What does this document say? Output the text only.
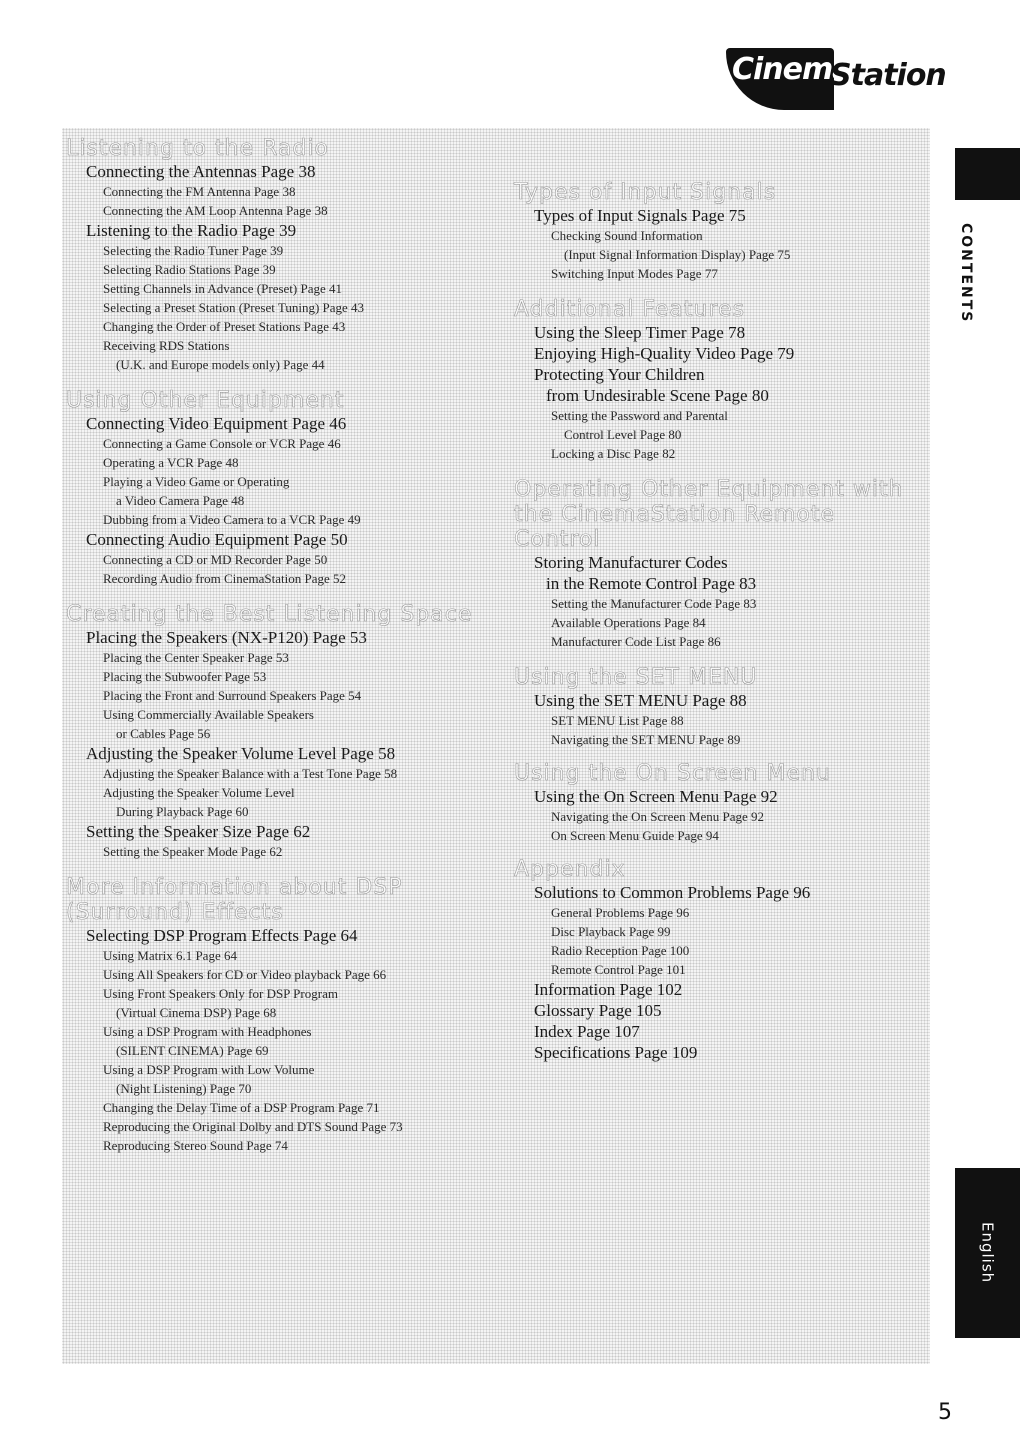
Cinema
Station
Listening to the Radio
Connecting the Antennas Page 38
Connecting the FM Antenna Page 38
Connecting the AM Loop Antenna Page 38
Listening to the Radio Page 39
Selecting the Radio Tuner Page 39
Selecting Radio Stations Page 39
Setting Channels in Advance (Preset) Page 41
Selecting a Preset Station (Preset Tuning) Page 43
Changing the Order of Preset Stations Page 43
Receiving RDS Stations
(U.K. and Europe models only) Page 44
Using Other Equipment
Connecting Video Equipment Page 46
Connecting a Game Console or VCR Page 46
Operating a VCR Page 48
Playing a Video Game or Operating
a Video Camera Page 48
Dubbing from a Video Camera to a VCR Page 49
Connecting Audio Equipment Page 50
Connecting a CD or MD Recorder Page 50
Recording Audio from CinemaStation Page 52
Creating the Best Listening Space
Placing the Speakers (NX-P120) Page 53
Placing the Center Speaker Page 53
Placing the Subwoofer Page 53
Placing the Front and Surround Speakers Page 54
Using Commercially Available Speakers
or Cables Page 56
Adjusting the Speaker Volume Level Page 58
Adjusting the Speaker Balance with a Test Tone Page 58
Adjusting the Speaker Volume Level
During Playback Page 60
Setting the Speaker Size Page 62
Setting the Speaker Mode Page 62
More Information about DSP (Surround) Effects
Selecting DSP Program Effects Page 64
Using Matrix 6.1 Page 64
Using All Speakers for CD or Video playback Page 66
Using Front Speakers Only for DSP Program
(Virtual Cinema DSP) Page 68
Using a DSP Program with Headphones
(SILENT CINEMA) Page 69
Using a DSP Program with Low Volume
(Night Listening) Page 70
Changing the Delay Time of a DSP Program Page 71
Reproducing the Original Dolby and DTS Sound Page 73
Reproducing Stereo Sound Page 74
Types of Input Signals
Types of Input Signals Page 75
Checking Sound Information
(Input Signal Information Display) Page 75
Switching Input Modes Page 77
Additional Features
Using the Sleep Timer Page 78
Enjoying High-Quality Video Page 79
Protecting Your Children
from Undesirable Scene Page 80
Setting the Password and Parental
Control Level Page 80
Locking a Disc Page 82
Operating Other Equipment with the CinemaStation Remote Control
Storing Manufacturer Codes
in the Remote Control Page 83
Setting the Manufacturer Code Page 83
Available Operations Page 84
Manufacturer Code List Page 86
Using the SET MENU
Using the SET MENU Page 88
SET MENU List Page 88
Navigating the SET MENU Page 89
Using the On Screen Menu
Using the On Screen Menu Page 92
Navigating the On Screen Menu Page 92
On Screen Menu Guide Page 94
Appendix
Solutions to Common Problems Page 96
General Problems Page 96
Disc Playback Page 99
Radio Reception Page 100
Remote Control Page 101
Information Page 102
Glossary Page 105
Index Page 107
Specifications Page 109
CONTENTS
English
5
